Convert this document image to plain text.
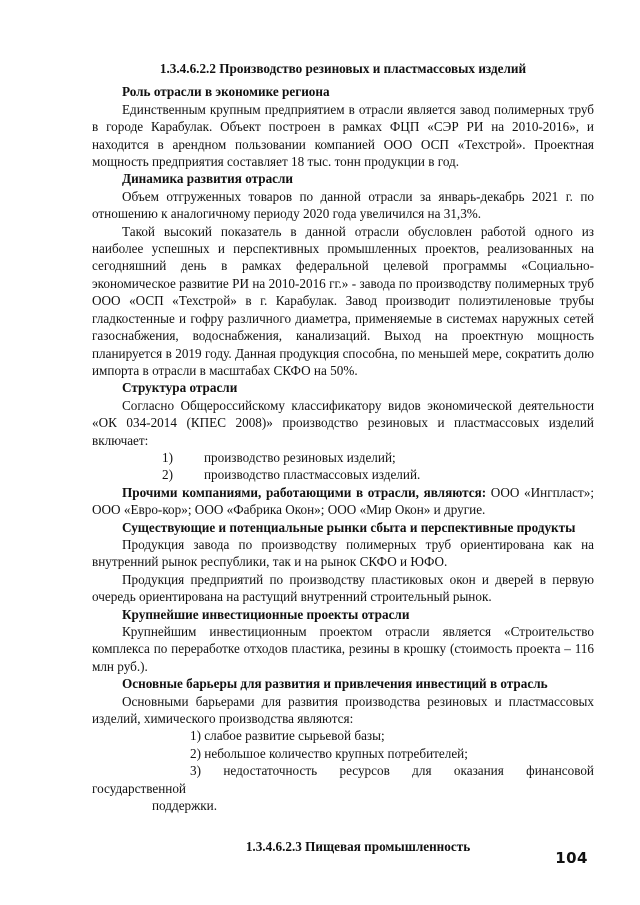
1.3.4.6.2.2 Производство резиновых и пластмассовых изделий

Роль отрасли в экономике региона

Единственным крупным предприятием в отрасли является завод полимерных труб в городе Карабулак. Объект построен в рамках ФЦП «СЭР РИ на 2010-2016», и находится в арендном пользовании компанией ООО ОСП «Техстрой». Проектная мощность предприятия составляет 18 тыс. тонн продукции в год.

Динамика развития отрасли

Объем отгруженных товаров по данной отрасли за январь-декабрь 2021 г. по отношению к аналогичному периоду 2020 года увеличился на 31,3%.

Такой высокий показатель в данной отрасли обусловлен работой одного из наиболее успешных и перспективных промышленных проектов, реализованных на сегодняшний день в рамках федеральной целевой программы «Социально-экономическое развитие РИ на 2010-2016 гг.» - завода по производству полимерных труб ООО «ОСП «Техстрой» в г. Карабулак. Завод производит полиэтиленовые трубы гладкостенные и гофру различного диаметра, применяемые в системах наружных сетей газоснабжения, водоснабжения, канализаций. Выход на проектную мощность планируется в 2019 году. Данная продукция способна, по меньшей мере, сократить долю импорта в отрасли в масштабах СКФО на 50%.

Структура отрасли

Согласно Общероссийскому классификатору видов экономической деятельности «ОК 034-2014 (КПЕС 2008)» производство резиновых и пластмассовых изделий включает:

1) производство резиновых изделий;
2) производство пластмассовых изделий.

Прочими компаниями, работающими в отрасли, являются: ООО «Ингпласт»; ООО «Евро-кор»; ООО «Фабрика Окон»; ООО «Мир Окон» и другие.

Существующие и потенциальные рынки сбыта и перспективные продукты

Продукция завода по производству полимерных труб ориентирована как на внутренний рынок республики, так и на рынок СКФО и ЮФО.

Продукция предприятий по производству пластиковых окон и дверей в первую очередь ориентирована на растущий внутренний строительный рынок.

Крупнейшие инвестиционные проекты отрасли

Крупнейшим инвестиционным проектом отрасли является «Строительство комплекса по переработке отходов пластика, резины в крошку (стоимость проекта – 116 млн руб.).

Основные барьеры для развития и привлечения инвестиций в отрасль

Основными барьерами для развития производства резиновых и пластмассовых изделий, химического производства являются:

1) слабое развитие сырьевой базы;
2) небольшое количество крупных потребителей;
3) недостаточность ресурсов для оказания финансовой государственной
поддержки.
1.3.4.6.2.3 Пищевая промышленность
104
